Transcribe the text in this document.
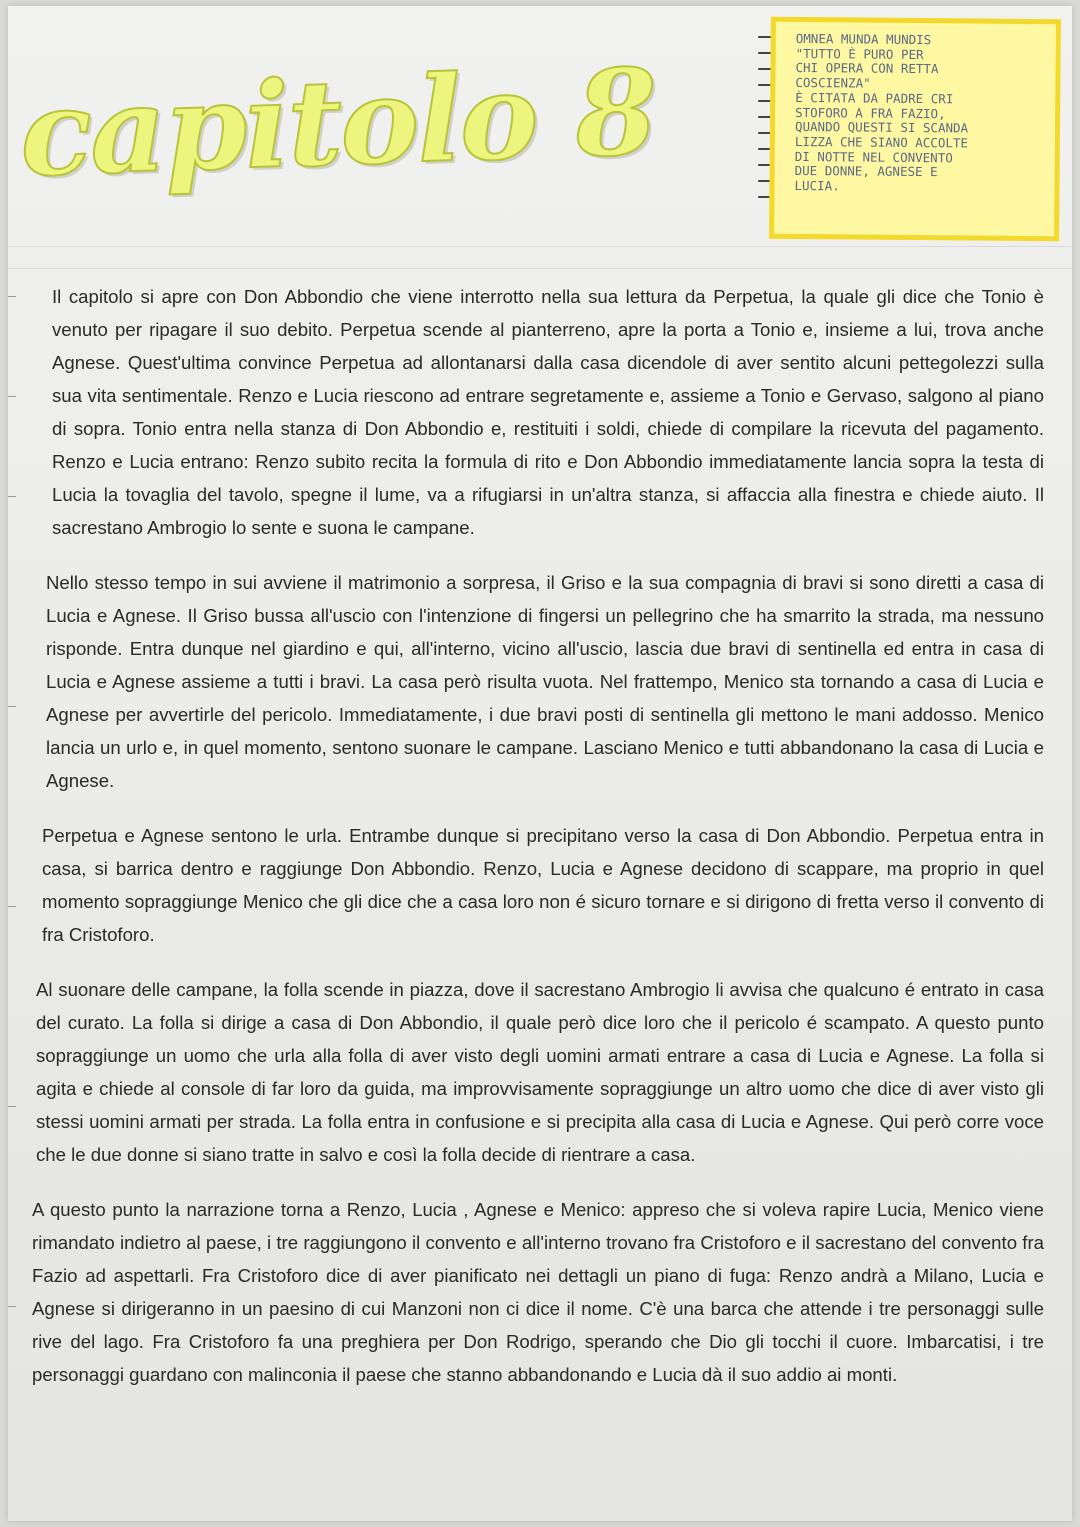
capitolo 8
OMNEA MUNDA MUNDIS
"TUTTO È PURO PER
CHI OPERA CON RETTA
COSCIENZA"
È CITATA DA PADRE CRI
STOFORO A FRA FAZIO,
QUANDO QUESTI SI SCANDA
LIZZA CHE SIANO ACCOLTE
DI NOTTE NEL CONVENTO
DUE DONNE, AGNESE E
LUCIA.

Il capitolo si apre con Don Abbondio che viene interrotto nella sua lettura da Perpetua, la quale gli dice che Tonio è venuto per ripagare il suo debito. Perpetua scende al pianterreno, apre la porta a Tonio e, insieme a lui, trova anche Agnese. Quest'ultima convince Perpetua ad allontanarsi dalla casa dicendole di aver sentito alcuni pettegolezzi sulla sua vita sentimentale. Renzo e Lucia riescono ad entrare segretamente e, assieme a Tonio e Gervaso, salgono al piano di sopra. Tonio entra nella stanza di Don Abbondio e, restituiti i soldi, chiede di compilare la ricevuta del pagamento. Renzo e Lucia entrano: Renzo subito recita la formula di rito e Don Abbondio immediatamente lancia sopra la testa di Lucia la tovaglia del tavolo, spegne il lume, va a rifugiarsi in un'altra stanza, si affaccia alla finestra e chiede aiuto. Il sacrestano Ambrogio lo sente e suona le campane.

Nello stesso tempo in sui avviene il matrimonio a sorpresa, il Griso e la sua compagnia di bravi si sono diretti a casa di Lucia e Agnese. Il Griso bussa all'uscio con l'intenzione di fingersi un pellegrino che ha smarrito la strada, ma nessuno risponde. Entra dunque nel giardino e qui, all'interno, vicino all'uscio, lascia due bravi di sentinella ed entra in casa di Lucia e Agnese assieme a tutti i bravi. La casa però risulta vuota. Nel frattempo, Menico sta tornando a casa di Lucia e Agnese per avvertirle del pericolo. Immediatamente, i due bravi posti di sentinella gli mettono le mani addosso. Menico lancia un urlo e, in quel momento, sentono suonare le campane. Lasciano Menico e tutti abbandonano la casa di Lucia e Agnese.

Perpetua e Agnese sentono le urla. Entrambe dunque si precipitano verso la casa di Don Abbondio. Perpetua entra in casa, si barrica dentro e raggiunge Don Abbondio. Renzo, Lucia e Agnese decidono di scappare, ma proprio in quel momento sopraggiunge Menico che gli dice che a casa loro non é sicuro tornare e si dirigono di fretta verso il convento di fra Cristoforo.

Al suonare delle campane, la folla scende in piazza, dove il sacrestano Ambrogio li avvisa che qualcuno é entrato in casa del curato. La folla si dirige a casa di Don Abbondio, il quale però dice loro che il pericolo é scampato. A questo punto sopraggiunge un uomo che urla alla folla di aver visto degli uomini armati entrare a casa di Lucia e Agnese. La folla si agita e chiede al console di far loro da guida, ma improvvisamente sopraggiunge un altro uomo che dice di aver visto gli stessi uomini armati per strada. La folla entra in confusione e si precipita alla casa di Lucia e Agnese. Qui però corre voce che le due donne si siano tratte in salvo e così la folla decide di rientrare a casa.

A questo punto la narrazione torna a Renzo, Lucia , Agnese e Menico: appreso che si voleva rapire Lucia, Menico viene rimandato indietro al paese, i tre raggiungono il convento e all'interno trovano fra Cristoforo e il sacrestano del convento fra Fazio ad aspettarli. Fra Cristoforo dice di aver pianificato nei dettagli un piano di fuga: Renzo andrà a Milano, Lucia e Agnese si dirigeranno in un paesino di cui Manzoni non ci dice il nome. C'è una barca che attende i tre personaggi sulle rive del lago. Fra Cristoforo fa una preghiera per Don Rodrigo, sperando che Dio gli tocchi il cuore. Imbarcatisi, i tre personaggi guardano con malinconia il paese che stanno abbandonando e Lucia dà il suo addio ai monti.
